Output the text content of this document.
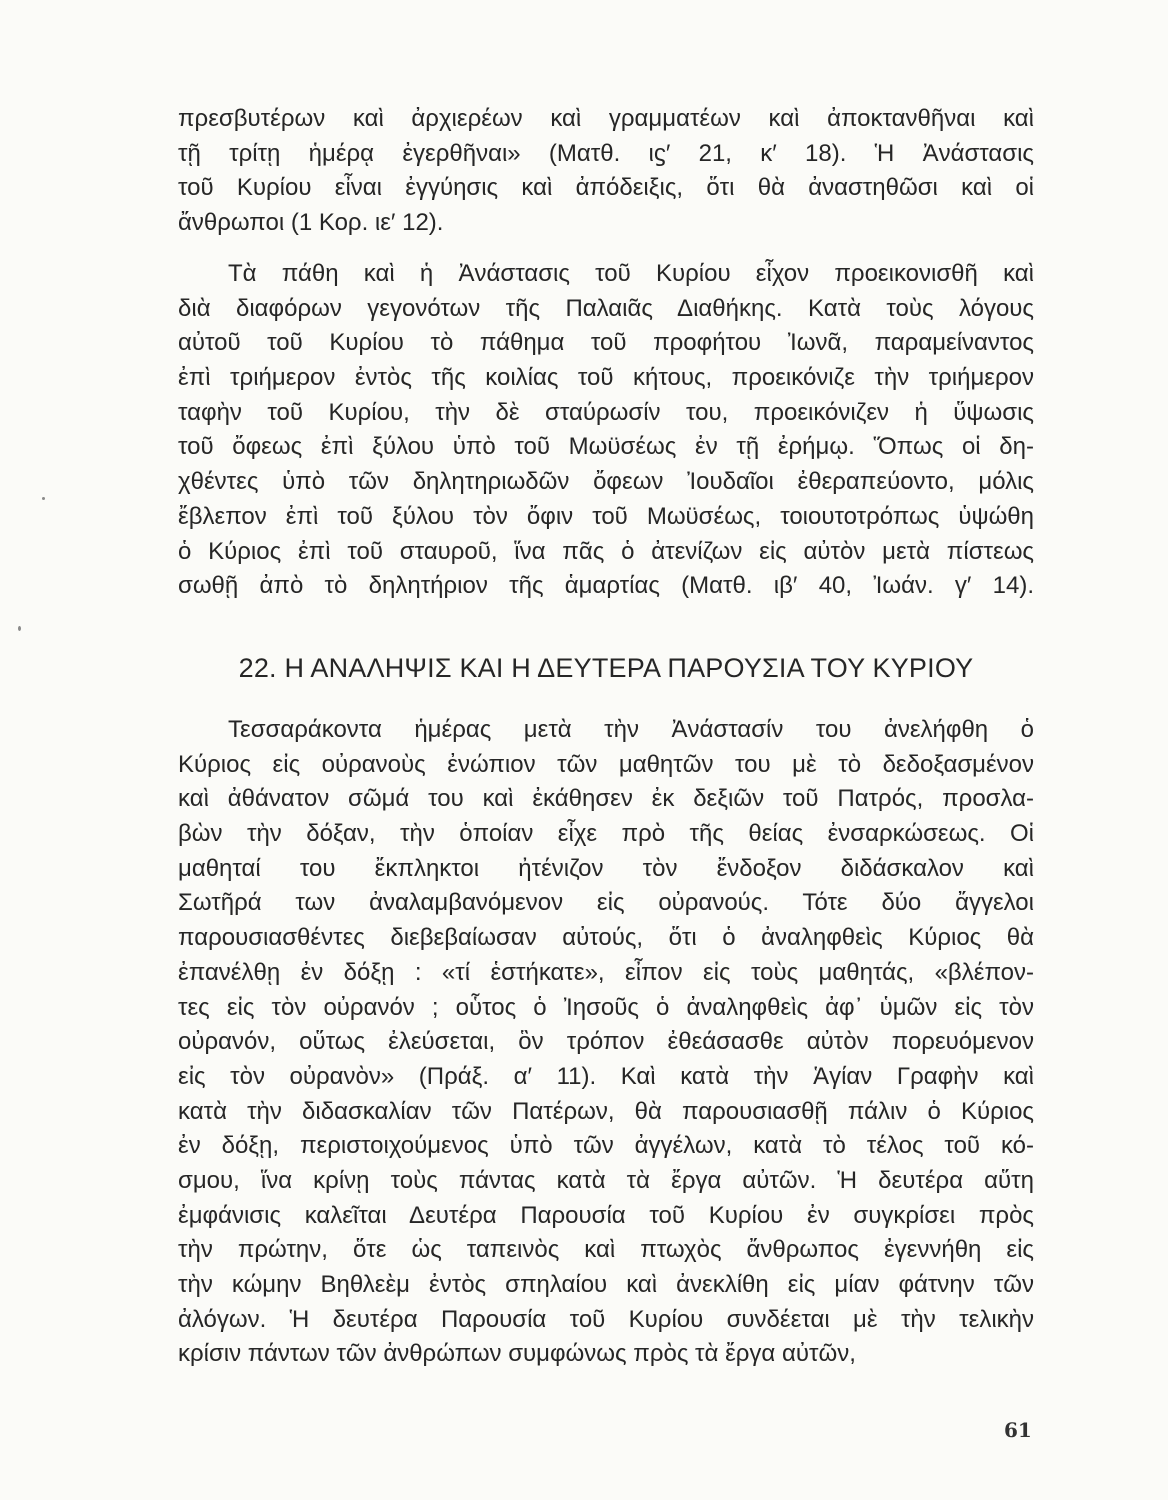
πρεσβυτέρων καὶ ἀρχιερέων καὶ γραμματέων καὶ ἀποκτανθῆναι καὶ
τῇ τρίτῃ ἡμέρᾳ ἐγερθῆναι» (Ματθ. ιϛ′ 21, κ′ 18). Ἡ Ἀνάστασις
τοῦ Κυρίου εἶναι ἐγγύησις καὶ ἀπόδειξις, ὅτι θὰ ἀναστηθῶσι καὶ οἱ
ἄνθρωποι (1 Κορ. ιε′ 12).
Τὰ πάθη καὶ ἡ Ἀνάστασις τοῦ Κυρίου εἶχον προεικονισθῆ καὶ
διὰ διαφόρων γεγονότων τῆς Παλαιᾶς Διαθήκης. Κατὰ τοὺς λόγους
αὐτοῦ τοῦ Κυρίου τὸ πάθημα τοῦ προφήτου Ἰωνᾶ, παραμείναντος
ἐπὶ τριήμερον ἐντὸς τῆς κοιλίας τοῦ κήτους, προεικόνιζε τὴν τριήμερον
ταφὴν τοῦ Κυρίου, τὴν δὲ σταύρωσίν του, προεικόνιζεν ἡ ὕψωσις
τοῦ ὄφεως ἐπὶ ξύλου ὑπὸ τοῦ Μωϋσέως ἐν τῇ ἐρήμῳ. Ὅπως οἱ δη-
χθέντες ὑπὸ τῶν δηλητηριωδῶν ὄφεων Ἰουδαῖοι ἐθεραπεύοντο, μόλις
ἔβλεπον ἐπὶ τοῦ ξύλου τὸν ὄφιν τοῦ Μωϋσέως, τοιουτοτρόπως ὑψώθη
ὁ Κύριος ἐπὶ τοῦ σταυροῦ, ἵνα πᾶς ὁ ἀτενίζων εἰς αὐτὸν μετὰ πίστεως
σωθῇ ἀπὸ τὸ δηλητήριον τῆς ἁμαρτίας (Ματθ. ιβ′ 40, Ἰωάν. γ′ 14).
22. Η ΑΝΑΛΗΨΙΣ ΚΑΙ Η ΔΕΥΤΕΡΑ ΠΑΡΟΥΣΙΑ ΤΟΥ ΚΥΡΙΟΥ
Τεσσαράκοντα ἡμέρας μετὰ τὴν Ἀνάστασίν του ἀνελήφθη ὁ
Κύριος εἰς οὐρανοὺς ἐνώπιον τῶν μαθητῶν του μὲ τὸ δεδοξασμένον
καὶ ἀθάνατον σῶμά του καὶ ἐκάθησεν ἐκ δεξιῶν τοῦ Πατρός, προσλα-
βὼν τὴν δόξαν, τὴν ὁποίαν εἶχε πρὸ τῆς θείας ἐνσαρκώσεως. Οἱ
μαθηταί του ἔκπληκτοι ἠτένιζον τὸν ἔνδοξον διδάσκαλον καὶ
Σωτῆρά των ἀναλαμβανόμενον εἰς οὐρανούς. Τότε δύο ἄγγελοι
παρουσιασθέντες διεβεβαίωσαν αὐτούς, ὅτι ὁ ἀναληφθεὶς Κύριος θὰ
ἐπανέλθῃ ἐν δόξῃ : «τί ἑστήκατε», εἶπον εἰς τοὺς μαθητάς, «βλέπον-
τες εἰς τὸν οὐρανόν ; οὗτος ὁ Ἰησοῦς ὁ ἀναληφθεὶς ἀφ᾿ ὑμῶν εἰς τὸν
οὐρανόν, οὕτως ἐλεύσεται, ὃν τρόπον ἐθεάσασθε αὐτὸν πορευόμενον
εἰς τὸν οὐρανὸν» (Πράξ. α′ 11). Καὶ κατὰ τὴν Ἁγίαν Γραφὴν καὶ
κατὰ τὴν διδασκαλίαν τῶν Πατέρων, θὰ παρουσιασθῇ πάλιν ὁ Κύριος
ἐν δόξῃ, περιστοιχούμενος ὑπὸ τῶν ἀγγέλων, κατὰ τὸ τέλος τοῦ κό-
σμου, ἵνα κρίνῃ τοὺς πάντας κατὰ τὰ ἔργα αὐτῶν. Ἡ δευτέρα αὕτη
ἐμφάνισις καλεῖται Δευτέρα Παρουσία τοῦ Κυρίου ἐν συγκρίσει πρὸς
τὴν πρώτην, ὅτε ὡς ταπεινὸς καὶ πτωχὸς ἄνθρωπος ἐγεννήθη εἰς
τὴν κώμην Βηθλεὲμ ἐντὸς σπηλαίου καὶ ἀνεκλίθη εἰς μίαν φάτνην τῶν
ἀλόγων. Ἡ δευτέρα Παρουσία τοῦ Κυρίου συνδέεται μὲ τὴν τελικὴν
κρίσιν πάντων τῶν ἀνθρώπων συμφώνως πρὸς τὰ ἔργα αὐτῶν,
61
